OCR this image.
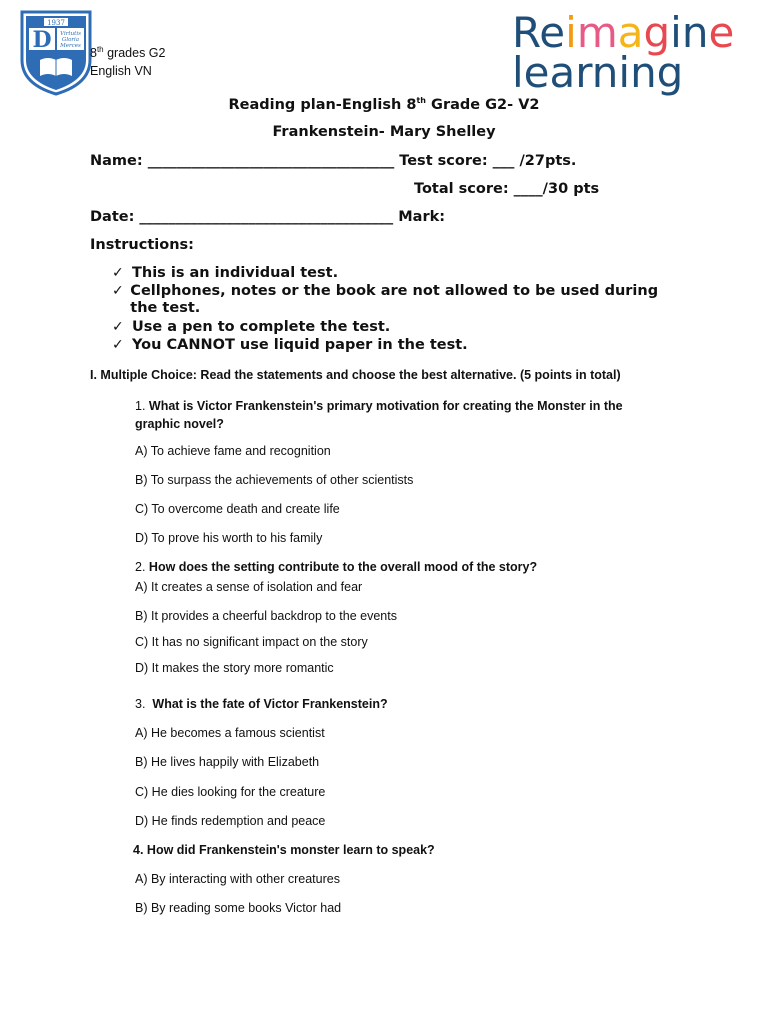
1937
D Virtutis
Gloria
Merces
8th grades G2
English VN
Reimagine
learning
Reading plan-English 8th Grade G2- V2
Frankenstein- Mary Shelley
Name: __________________________________ Test score: ___ /27pts.
Total score: ____/30 pts
Date: ___________________________________ Mark:
Instructions:
✓ This is an individual test.
✓ Cellphones, notes or the book are not allowed to be used during the test.
✓ Use a pen to complete the test.
✓ You CANNOT use liquid paper in the test.
I. Multiple Choice: Read the statements and choose the best alternative. (5 points in total)
1. What is Victor Frankenstein's primary motivation for creating the Monster in the graphic novel?
A) To achieve fame and recognition
B) To surpass the achievements of other scientists
C) To overcome death and create life
D) To prove his worth to his family
2. How does the setting contribute to the overall mood of the story?
A) It creates a sense of isolation and fear
B) It provides a cheerful backdrop to the events
C) It has no significant impact on the story
D) It makes the story more romantic
3. What is the fate of Victor Frankenstein?
A) He becomes a famous scientist
B) He lives happily with Elizabeth
C) He dies looking for the creature
D) He finds redemption and peace
4. How did Frankenstein's monster learn to speak?
A) By interacting with other creatures
B) By reading some books Victor had
